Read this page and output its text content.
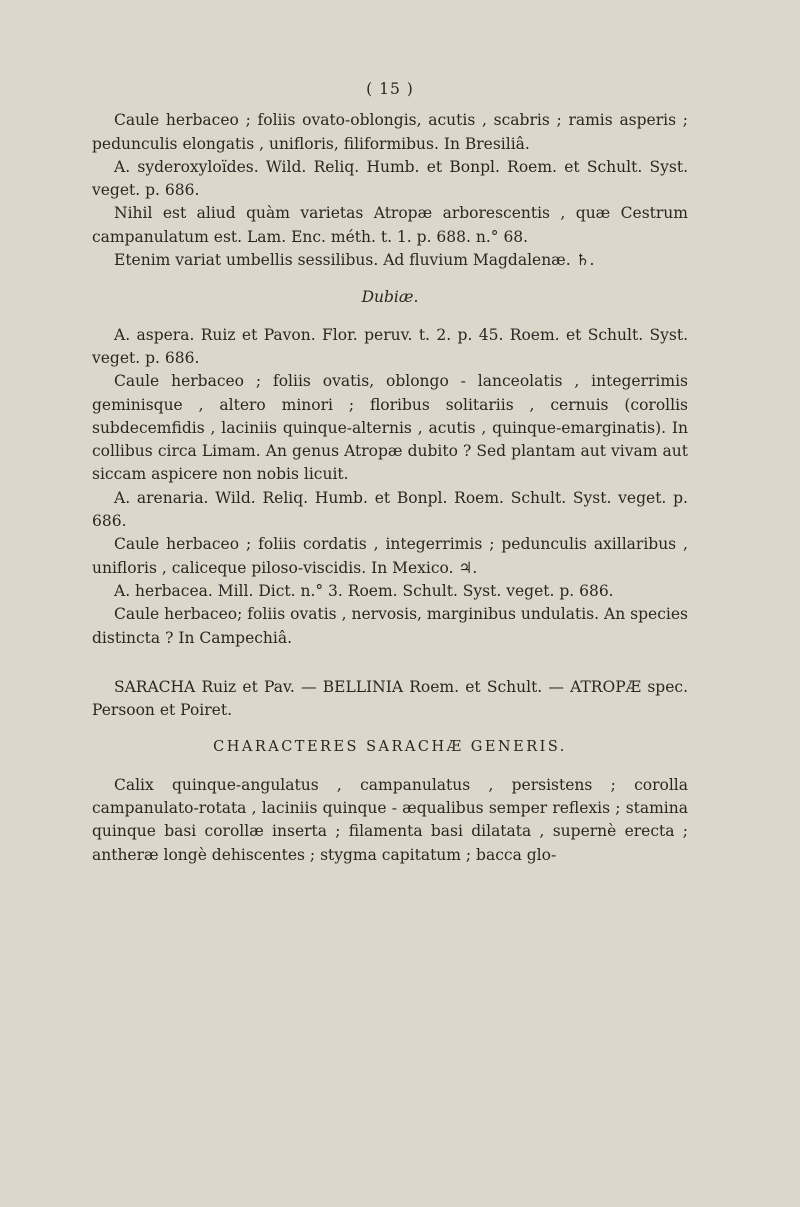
( 15 )

Caule herbaceo ; foliis ovato-oblongis, acutis , scabris ; ramis asperis ; pedunculis elongatis , unifloris, filiformibus. In Bresiliâ.

A. syderoxyloïdes. Wild. Reliq. Humb. et Bonpl. Roem. et Schult. Syst. veget. p. 686.

Nihil est aliud quàm varietas Atropæ arborescentis , quæ Cestrum campanulatum est. Lam. Enc. méth. t. 1. p. 688. n.° 68.

Etenim variat umbellis sessilibus. Ad fluvium Magdalenæ. ♄.

Dubiæ.

A. aspera. Ruiz et Pavon. Flor. peruv. t. 2. p. 45. Roem. et Schult. Syst. veget. p. 686.

Caule herbaceo ; foliis ovatis, oblongo - lanceolatis , integerrimis geminisque , altero minori ; floribus solitariis , cernuis (corollis subdecemfidis , laciniis quinque-alternis , acutis , quinque-emarginatis). In collibus circa Limam. An genus Atropæ dubito ? Sed plantam aut vivam aut siccam aspicere non nobis licuit.

A. arenaria. Wild. Reliq. Humb. et Bonpl. Roem. Schult. Syst. veget. p. 686.

Caule herbaceo ; foliis cordatis , integerrimis ; pedunculis axillaribus , unifloris , caliceque piloso-viscidis. In Mexico. ♃.

A. herbacea. Mill. Dict. n.° 3. Roem. Schult. Syst. veget. p. 686.

Caule herbaceo; foliis ovatis , nervosis, marginibus undulatis. An species distincta ? In Campechiâ.

SARACHA Ruiz et Pav. — BELLINIA Roem. et Schult. — ATROPÆ spec. Persoon et Poiret.

CHARACTERES SARACHÆ GENERIS.

Calix quinque-angulatus , campanulatus , persistens ; corolla campanulato-rotata , laciniis quinque - æqualibus semper reflexis ; stamina quinque basi corollæ inserta ; filamenta basi dilatata , supernè erecta ; antheræ longè dehiscentes ; stygma capitatum ; bacca glo-
